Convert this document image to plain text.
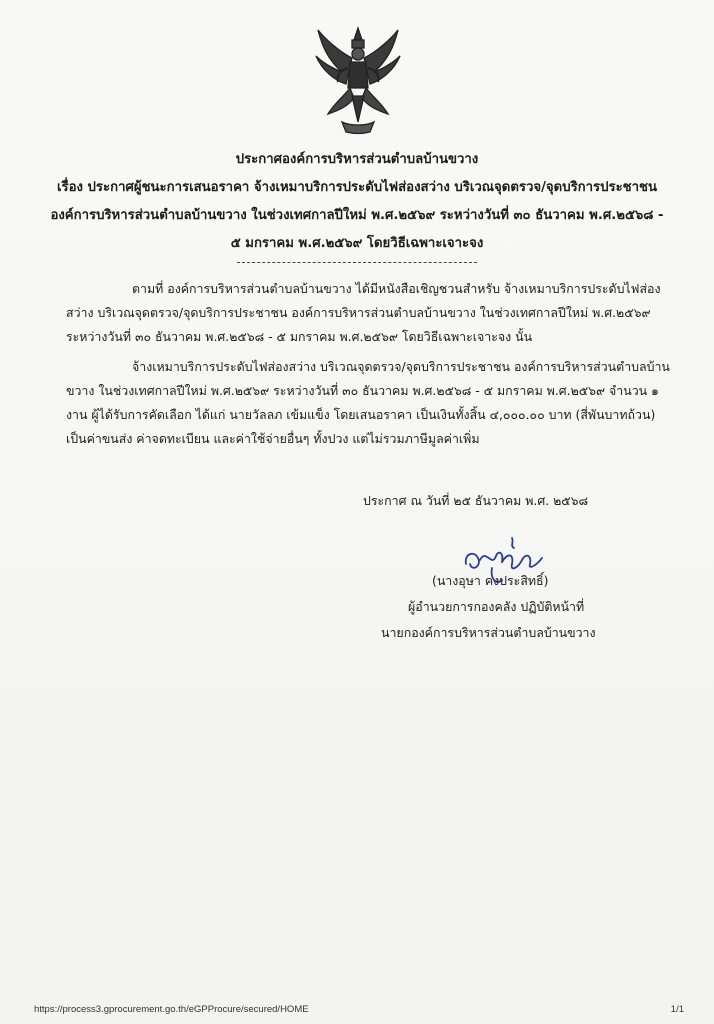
ประกาศองค์การบริหารส่วนตำบลบ้านขวาง
เรื่อง ประกาศผู้ชนะการเสนอราคา จ้างเหมาบริการประดับไฟส่องสว่าง บริเวณจุดตรวจ/จุดบริการประชาชน
องค์การบริหารส่วนตำบลบ้านขวาง ในช่วงเทศกาลปีใหม่ พ.ศ.๒๕๖๙ ระหว่างวันที่ ๓๐ ธันวาคม พ.ศ.๒๕๖๘ -
๕ มกราคม พ.ศ.๒๕๖๙ โดยวิธีเฉพาะเจาะจง
ตามที่ องค์การบริหารส่วนตำบลบ้านขวาง ได้มีหนังสือเชิญชวนสำหรับ จ้างเหมาบริการประดับไฟส่อง
สว่าง บริเวณจุดตรวจ/จุดบริการประชาชน องค์การบริหารส่วนตำบลบ้านขวาง ในช่วงเทศกาลปีใหม่ พ.ศ.๒๕๖๙
ระหว่างวันที่ ๓๐ ธันวาคม พ.ศ.๒๕๖๘ - ๕ มกราคม พ.ศ.๒๕๖๙ โดยวิธีเฉพาะเจาะจง นั้น
จ้างเหมาบริการประดับไฟส่องสว่าง บริเวณจุดตรวจ/จุดบริการประชาชน องค์การบริหารส่วนตำบลบ้าน
ขวาง ในช่วงเทศกาลปีใหม่ พ.ศ.๒๕๖๙ ระหว่างวันที่ ๓๐ ธันวาคม พ.ศ.๒๕๖๘ - ๕ มกราคม พ.ศ.๒๕๖๙ จำนวน ๑
งาน ผู้ได้รับการคัดเลือก ได้แก่ นายวัลลภ เข้มแข็ง โดยเสนอราคา เป็นเงินทั้งสิ้น ๔,๐๐๐.๐๐ บาท (สี่พันบาทถ้วน)
เป็นค่าขนส่ง ค่าจดทะเบียน และค่าใช้จ่ายอื่นๆ ทั้งปวง แต่ไม่รวมภาษีมูลค่าเพิ่ม
ประกาศ ณ วันที่ ๒๕ ธันวาคม พ.ศ. ๒๕๖๘
(นางอุษา คงประสิทธิ์)
ผู้อำนวยการกองคลัง ปฏิบัติหน้าที่
นายกองค์การบริหารส่วนตำบลบ้านขวาง
https://process3.gprocurement.go.th/eGPProcure/secured/HOME	1/1
